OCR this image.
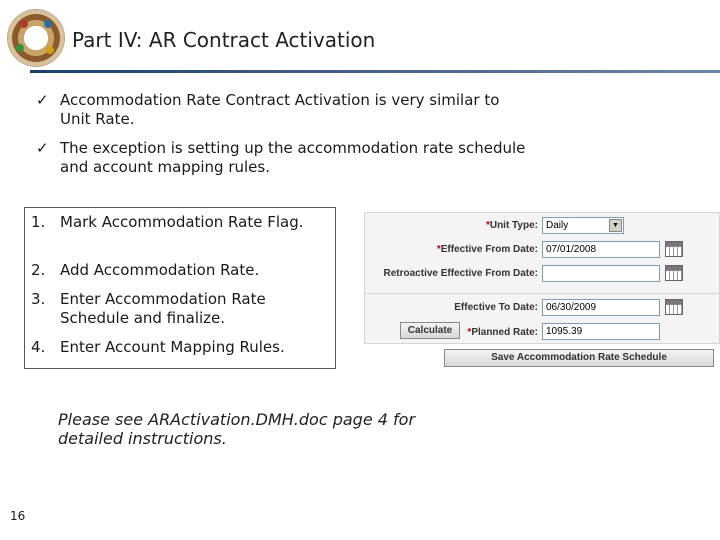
Part IV: AR Contract Activation
✓ Accommodation Rate Contract Activation is very similar to Unit Rate.
✓ The exception is setting up the accommodation rate schedule and account mapping rules.
1. Mark Accommodation Rate Flag.
2. Add Accommodation Rate.
3. Enter Accommodation Rate Schedule and finalize.
4. Enter Account Mapping Rules.
*Unit Type: Daily	▼
*Effective From Date: 07/01/2008
Retroactive Effective From Date:
Effective To Date: 06/30/2009
Calculate	*Planned Rate: 1095.39
Save Accommodation Rate Schedule
Please see ARActivation.DMH.doc page 4 for detailed instructions.
16
